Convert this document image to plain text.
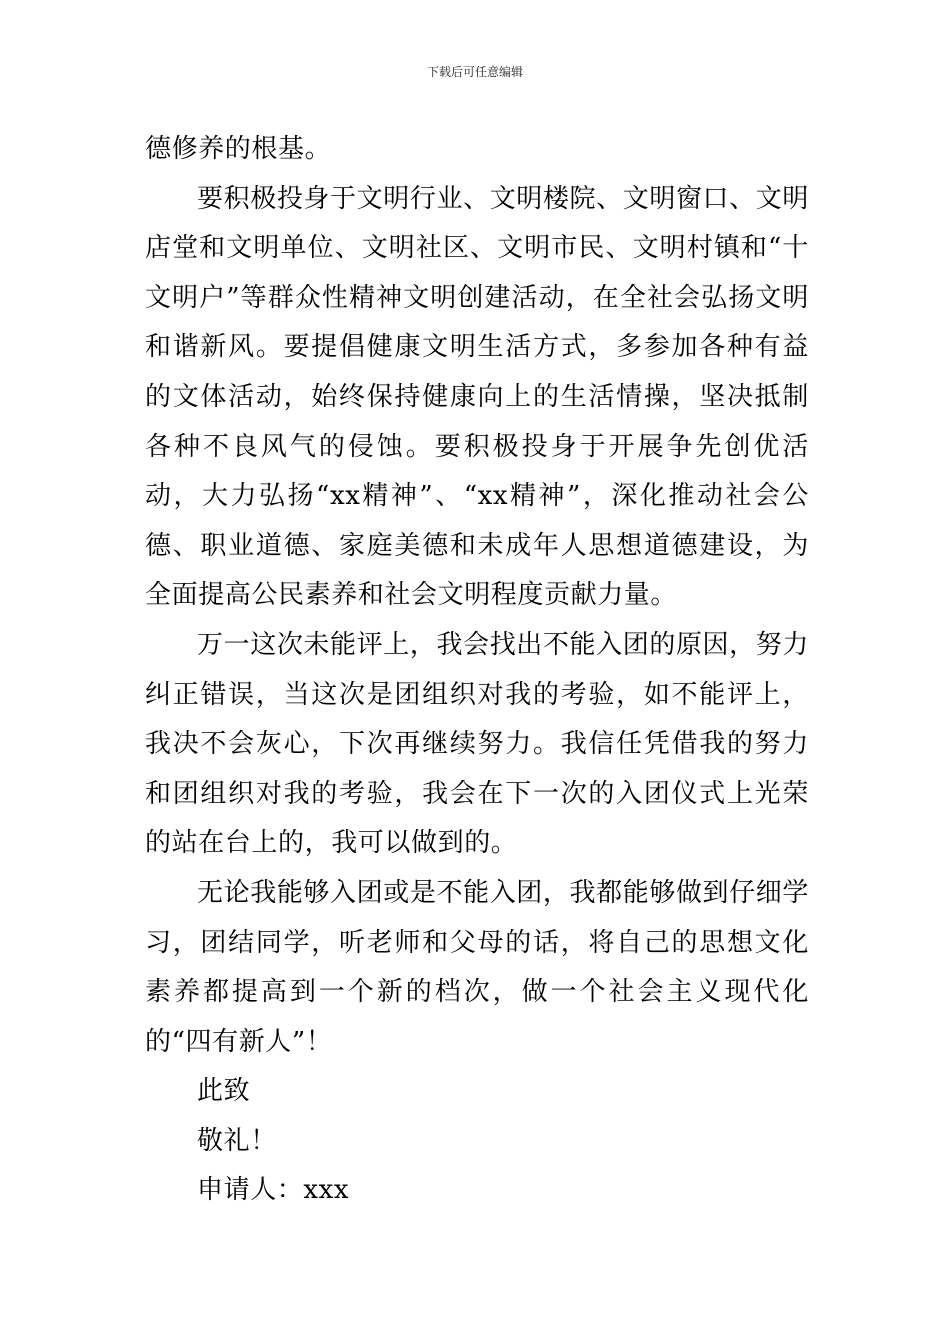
下载后可任意编辑

德修养的根基。

要积极投身于文明行业、文明楼院、文明窗口、文明店堂和文明单位、文明社区、文明市民、文明村镇和“十文明户”等群众性精神文明创建活动，在全社会弘扬文明和谐新风。要提倡健康文明生活方式，多参加各种有益的文体活动，始终保持健康向上的生活情操，坚决抵制各种不良风气的侵蚀。要积极投身于开展争先创优活动，大力弘扬“xx精神”、“xx精神”，深化推动社会公德、职业道德、家庭美德和未成年人思想道德建设，为全面提高公民素养和社会文明程度贡献力量。

万一这次未能评上，我会找出不能入团的原因，努力纠正错误，当这次是团组织对我的考验，如不能评上，我决不会灰心，下次再继续努力。我信任凭借我的努力和团组织对我的考验，我会在下一次的入团仪式上光荣的站在台上的，我可以做到的。

无论我能够入团或是不能入团，我都能够做到仔细学习，团结同学，听老师和父母的话，将自己的思想文化素养都提高到一个新的档次，做一个社会主义现代化的“四有新人”！

此致

敬礼！

申请人：xxx
